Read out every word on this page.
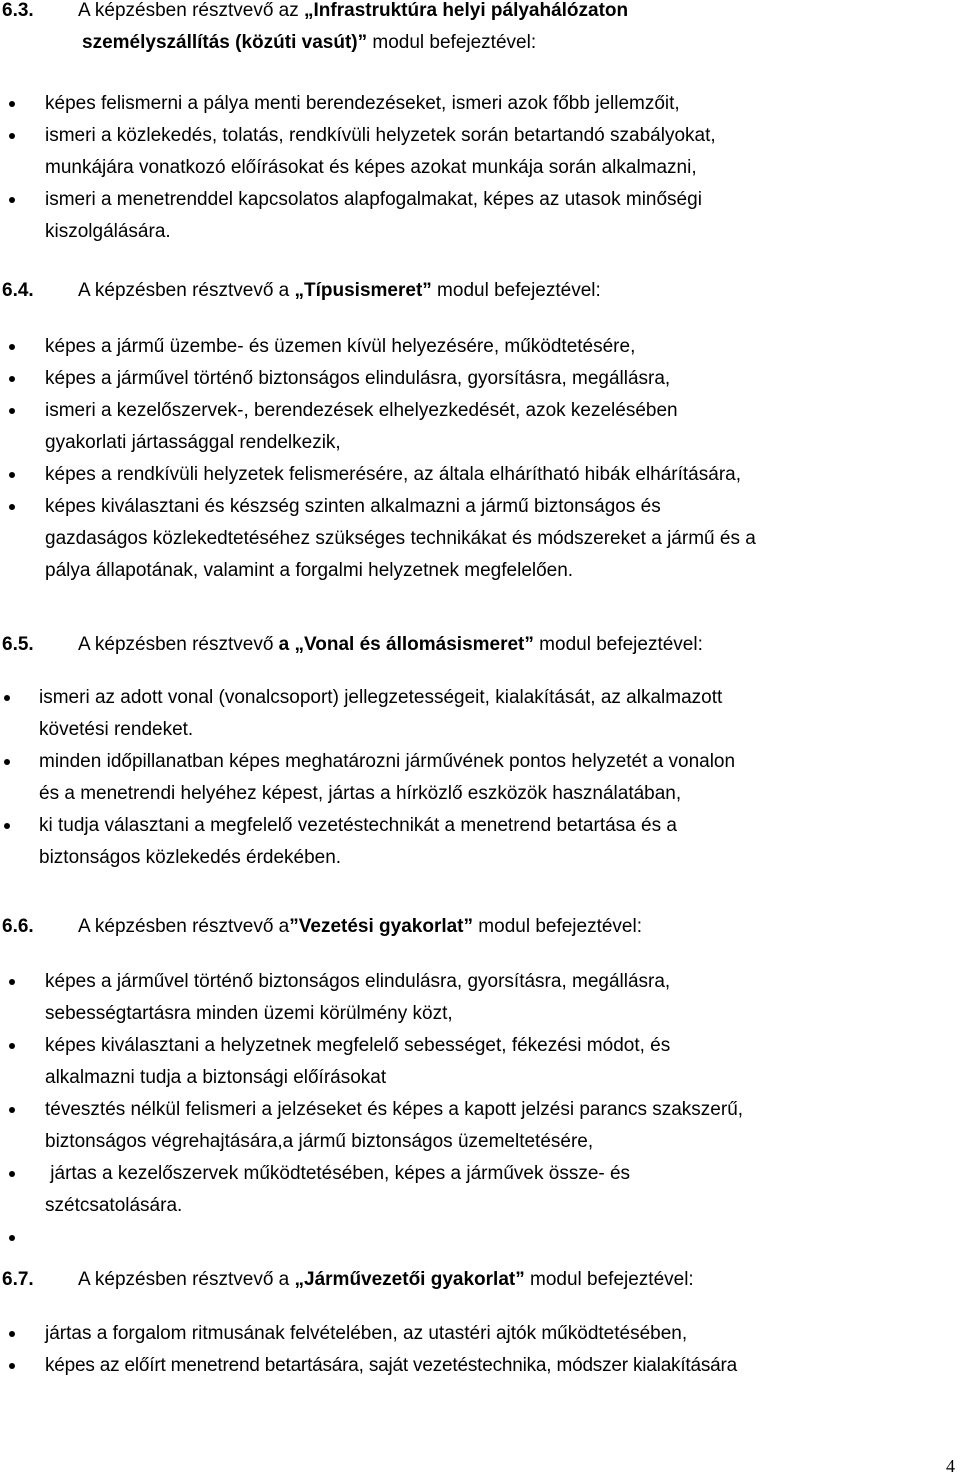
6.3. A képzésben résztvevő az „Infrastruktúra helyi pályahálózaton
személyszállítás (közúti vasút)” modul befejeztével:
képes felismerni a pálya menti berendezéseket, ismeri azok főbb jellemzőit,
ismeri a közlekedés, tolatás, rendkívüli helyzetek során betartandó szabályokat,
munkájára vonatkozó előírásokat és képes azokat munkája során alkalmazni,
ismeri a menetrenddel kapcsolatos alapfogalmakat, képes az utasok minőségi
kiszolgálására.
6.4. A képzésben résztvevő a „Típusismeret” modul befejeztével:
képes a jármű üzembe- és üzemen kívül helyezésére, működtetésére,
képes a járművel történő biztonságos elindulásra, gyorsításra, megállásra,
ismeri a kezelőszervek-, berendezések elhelyezkedését, azok kezelésében
gyakorlati jártassággal rendelkezik,
képes a rendkívüli helyzetek felismerésére, az általa elhárítható hibák elhárítására,
képes kiválasztani és készség szinten alkalmazni a jármű biztonságos és
gazdaságos közlekedtetéséhez szükséges technikákat és módszereket a jármű és a
pálya állapotának, valamint a forgalmi helyzetnek megfelelően.
6.5. A képzésben résztvevő a „Vonal és állomásismeret” modul befejeztével:
ismeri az adott vonal (vonalcsoport) jellegzetességeit, kialakítását, az alkalmazott
követési rendeket.
minden időpillanatban képes meghatározni járművének pontos helyzetét a vonalon
és a menetrendi helyéhez képest, jártas a hírközlő eszközök használatában,
ki tudja választani a megfelelő vezetéstechnikát a menetrend betartása és a
biztonságos közlekedés érdekében.
6.6. A képzésben résztvevő a”Vezetési gyakorlat” modul befejeztével:
képes a járművel történő biztonságos elindulásra, gyorsításra, megállásra,
sebességtartásra minden üzemi körülmény közt,
képes kiválasztani a helyzetnek megfelelő sebességet, fékezési módot, és
alkalmazni tudja a biztonsági előírásokat
tévesztés nélkül felismeri a jelzéseket és képes a kapott jelzési parancs szakszerű,
biztonságos végrehajtására,a jármű biztonságos üzemeltetésére,
jártas a kezelőszervek működtetésében, képes a járművek össze- és
szétcsatolására.
6.7. A képzésben résztvevő a „Járművezetői gyakorlat” modul befejeztével:
jártas a forgalom ritmusának felvételében, az utastéri ajtók működtetésében,
képes az előírt menetrend betartására, saját vezetéstechnika, módszer kialakítására
4
